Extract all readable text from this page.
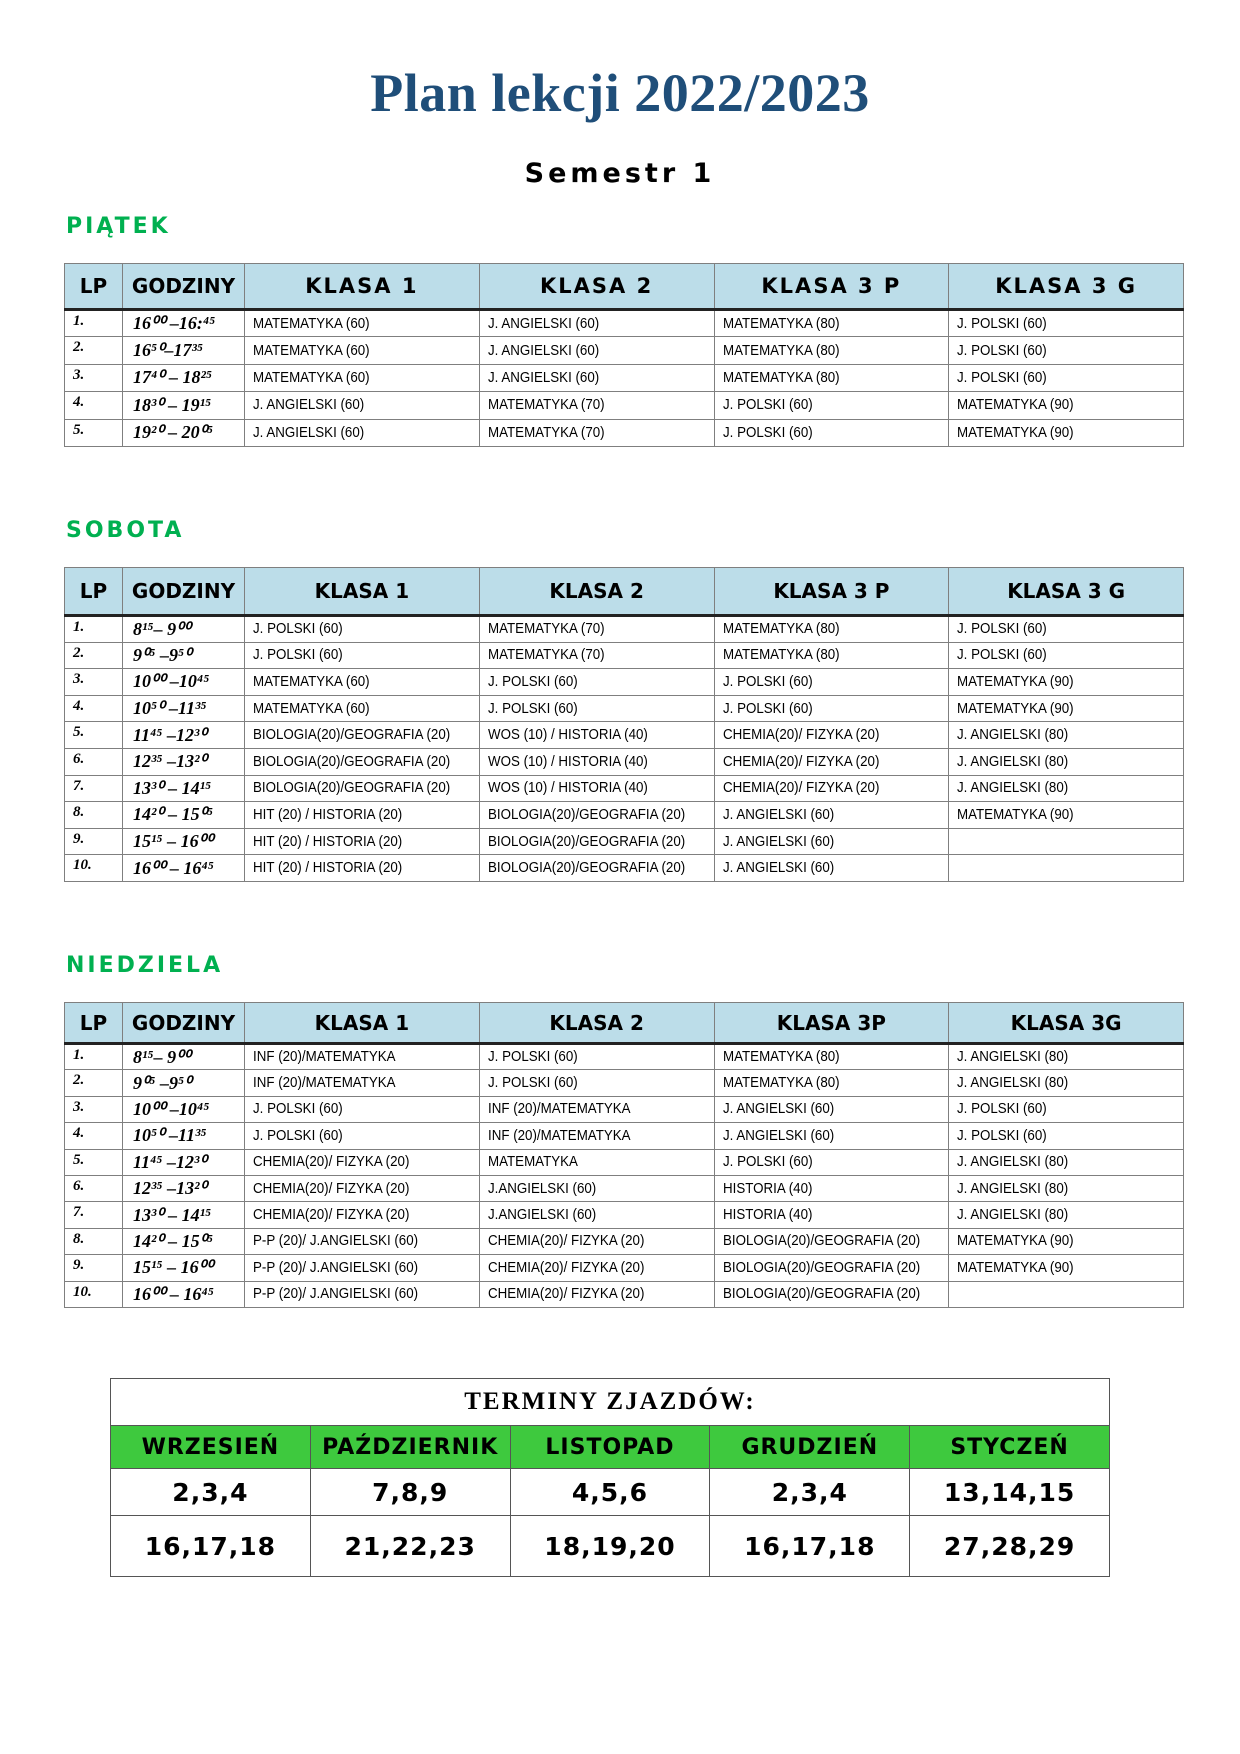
Plan lekcji 2022/2023
Semestr 1
PIĄTEK
LP	GODZINY	KLASA 1	KLASA 2	KLASA 3 P	KLASA 3 G
1.	16⁰⁰ –16:⁴⁵	MATEMATYKA (60)	J. ANGIELSKI (60)	MATEMATYKA (80)	J. POLSKI (60)
2.	16⁵⁰–17³⁵	MATEMATYKA (60)	J. ANGIELSKI (60)	MATEMATYKA (80)	J. POLSKI (60)
3.	17⁴⁰ – 18²⁵	MATEMATYKA (60)	J. ANGIELSKI (60)	MATEMATYKA (80)	J. POLSKI (60)
4.	18³⁰ – 19¹⁵	J. ANGIELSKI (60)	MATEMATYKA (70)	J. POLSKI (60)	MATEMATYKA (90)
5.	19²⁰ – 20⁰⁵	J. ANGIELSKI (60)	MATEMATYKA (70)	J. POLSKI (60)	MATEMATYKA (90)
SOBOTA
LP	GODZINY	KLASA 1	KLASA 2	KLASA 3 P	KLASA 3 G
1.	8¹⁵– 9⁰⁰	J. POLSKI (60)	MATEMATYKA (70)	MATEMATYKA (80)	J. POLSKI (60)
2.	9⁰⁵ –9⁵⁰	J. POLSKI (60)	MATEMATYKA (70)	MATEMATYKA (80)	J. POLSKI (60)
3.	10⁰⁰ –10⁴⁵	MATEMATYKA (60)	J. POLSKI (60)	J. POLSKI (60)	MATEMATYKA (90)
4.	10⁵⁰ –11³⁵	MATEMATYKA (60)	J. POLSKI (60)	J. POLSKI (60)	MATEMATYKA (90)
5.	11⁴⁵ –12³⁰	BIOLOGIA(20)/GEOGRAFIA (20)	WOS (10) / HISTORIA (40)	CHEMIA(20)/ FIZYKA (20)	J. ANGIELSKI (80)
6.	12³⁵ –13²⁰	BIOLOGIA(20)/GEOGRAFIA (20)	WOS (10) / HISTORIA (40)	CHEMIA(20)/ FIZYKA (20)	J. ANGIELSKI (80)
7.	13³⁰ – 14¹⁵	BIOLOGIA(20)/GEOGRAFIA (20)	WOS (10) / HISTORIA (40)	CHEMIA(20)/ FIZYKA (20)	J. ANGIELSKI (80)
8.	14²⁰ – 15⁰⁵	HIT (20) / HISTORIA (20)	BIOLOGIA(20)/GEOGRAFIA (20)	J. ANGIELSKI (60)	MATEMATYKA (90)
9.	15¹⁵ – 16⁰⁰	HIT (20) / HISTORIA (20)	BIOLOGIA(20)/GEOGRAFIA (20)	J. ANGIELSKI (60)	
10.	16⁰⁰ – 16⁴⁵	HIT (20) / HISTORIA (20)	BIOLOGIA(20)/GEOGRAFIA (20)	J. ANGIELSKI (60)	
NIEDZIELA
LP	GODZINY	KLASA 1	KLASA 2	KLASA 3P	KLASA 3G
1.	8¹⁵– 9⁰⁰	INF (20)/MATEMATYKA	J. POLSKI (60)	MATEMATYKA (80)	J. ANGIELSKI (80)
2.	9⁰⁵ –9⁵⁰	INF (20)/MATEMATYKA	J. POLSKI (60)	MATEMATYKA (80)	J. ANGIELSKI (80)
3.	10⁰⁰ –10⁴⁵	J. POLSKI (60)	INF (20)/MATEMATYKA	J. ANGIELSKI (60)	J. POLSKI (60)
4.	10⁵⁰ –11³⁵	J. POLSKI (60)	INF (20)/MATEMATYKA	J. ANGIELSKI (60)	J. POLSKI (60)
5.	11⁴⁵ –12³⁰	CHEMIA(20)/ FIZYKA (20)	MATEMATYKA	J. POLSKI (60)	J. ANGIELSKI (80)
6.	12³⁵ –13²⁰	CHEMIA(20)/ FIZYKA (20)	J.ANGIELSKI (60)	HISTORIA (40)	J. ANGIELSKI (80)
7.	13³⁰ – 14¹⁵	CHEMIA(20)/ FIZYKA (20)	J.ANGIELSKI (60)	HISTORIA (40)	J. ANGIELSKI (80)
8.	14²⁰ – 15⁰⁵	P-P (20)/ J.ANGIELSKI (60)	CHEMIA(20)/ FIZYKA (20)	BIOLOGIA(20)/GEOGRAFIA (20)	MATEMATYKA (90)
9.	15¹⁵ – 16⁰⁰	P-P (20)/ J.ANGIELSKI (60)	CHEMIA(20)/ FIZYKA (20)	BIOLOGIA(20)/GEOGRAFIA (20)	MATEMATYKA (90)
10.	16⁰⁰ – 16⁴⁵	P-P (20)/ J.ANGIELSKI (60)	CHEMIA(20)/ FIZYKA (20)	BIOLOGIA(20)/GEOGRAFIA (20)	
TERMINY ZJAZDÓW:				
WRZESIEŃ	PAŹDZIERNIK	LISTOPAD	GRUDZIEŃ	STYCZEŃ
2,3,4	7,8,9	4,5,6	2,3,4	13,14,15
16,17,18	21,22,23	18,19,20	16,17,18	27,28,29
